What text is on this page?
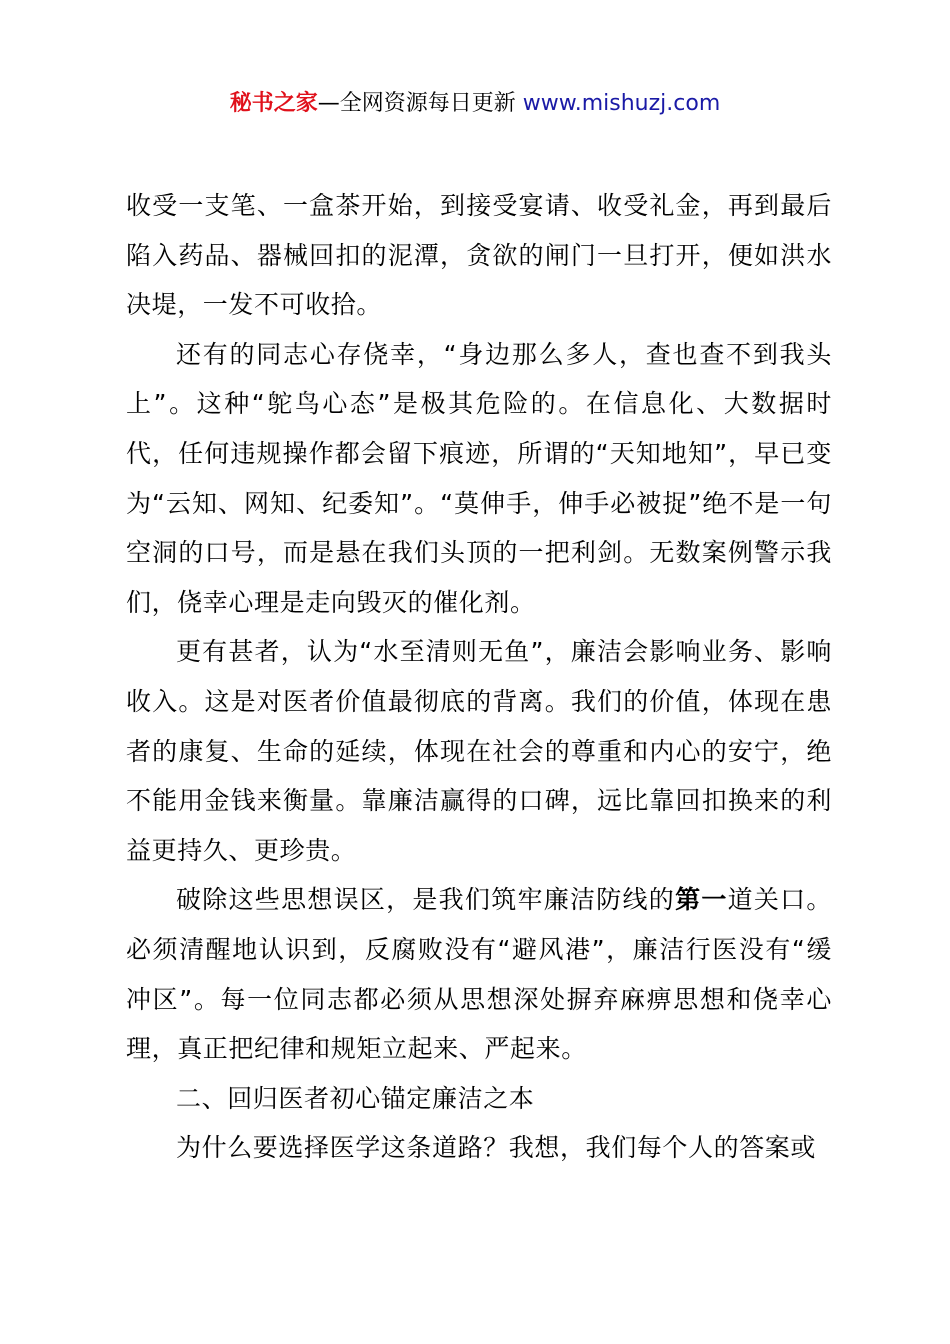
秘书之家—全网资源每日更新 www.mishuzj.com

收受一支笔、一盒茶开始，到接受宴请、收受礼金，再到最后陷入药品、器械回扣的泥潭，贪欲的闸门一旦打开，便如洪水决堤，一发不可收拾。

还有的同志心存侥幸，“身边那么多人，查也查不到我头上”。这种“鸵鸟心态”是极其危险的。在信息化、大数据时代，任何违规操作都会留下痕迹，所谓的“天知地知”，早已变为“云知、网知、纪委知”。“莫伸手，伸手必被捉”绝不是一句空洞的口号，而是悬在我们头顶的一把利剑。无数案例警示我们，侥幸心理是走向毁灭的催化剂。

更有甚者，认为“水至清则无鱼”，廉洁会影响业务、影响收入。这是对医者价值最彻底的背离。我们的价值，体现在患者的康复、生命的延续，体现在社会的尊重和内心的安宁，绝不能用金钱来衡量。靠廉洁赢得的口碑，远比靠回扣换来的利益更持久、更珍贵。

破除这些思想误区，是我们筑牢廉洁防线的第一道关口。必须清醒地认识到，反腐败没有“避风港”，廉洁行医没有“缓冲区”。每一位同志都必须从思想深处摒弃麻痹思想和侥幸心理，真正把纪律和规矩立起来、严起来。

二、回归医者初心锚定廉洁之本

为什么要选择医学这条道路？我想，我们每个人的答案或
